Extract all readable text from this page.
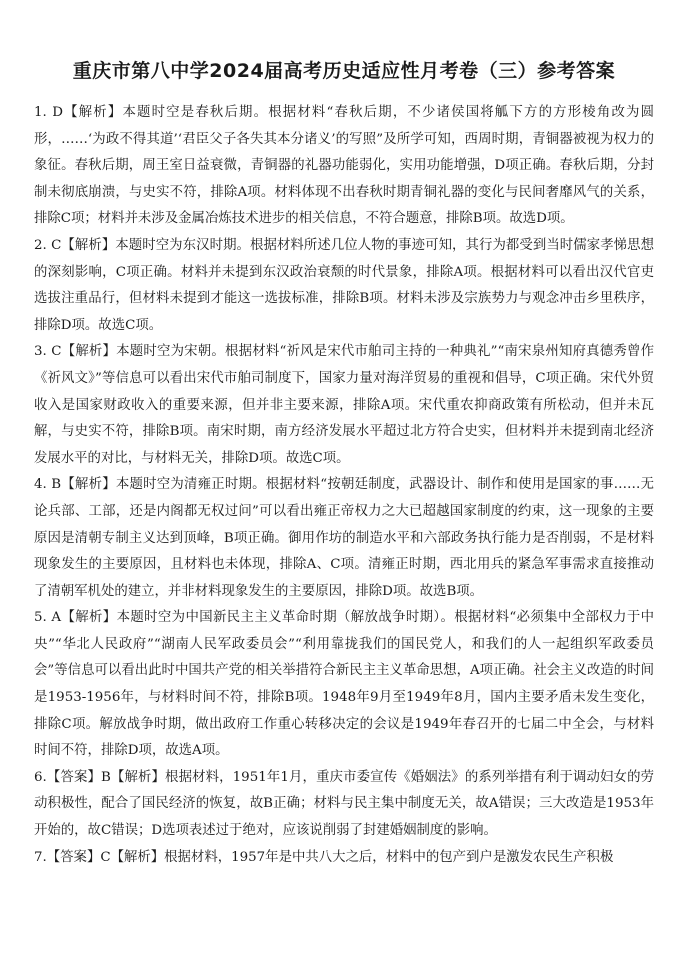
重庆市第八中学2024届高考历史适应性月考卷（三）参考答案

1. D【解析】本题时空是春秋后期。根据材料“春秋后期，不少诸侯国将觚下方的方形棱角改为圆形，……‘为政不得其道’‘君臣父子各失其本分诸义’的写照”及所学可知，西周时期，青铜器被视为权力的象征。春秋后期，周王室日益衰微，青铜器的礼器功能弱化，实用功能增强，D项正确。春秋后期，分封制未彻底崩溃，与史实不符，排除A项。材料体现不出春秋时期青铜礼器的变化与民间奢靡风气的关系，排除C项；材料并未涉及金属冶炼技术进步的相关信息，不符合题意，排除B项。故选D项。

2. C【解析】本题时空为东汉时期。根据材料所述几位人物的事迹可知，其行为都受到当时儒家孝悌思想的深刻影响，C项正确。材料并未提到东汉政治衰颓的时代景象，排除A项。根据材料可以看出汉代官吏选拔注重品行，但材料未提到才能这一选拔标准，排除B项。材料未涉及宗族势力与观念冲击乡里秩序，排除D项。故选C项。

3. C【解析】本题时空为宋朝。根据材料“祈风是宋代市舶司主持的一种典礼”“南宋泉州知府真德秀曾作《祈风文》”等信息可以看出宋代市舶司制度下，国家力量对海洋贸易的重视和倡导，C项正确。宋代外贸收入是国家财政收入的重要来源，但并非主要来源，排除A项。宋代重农抑商政策有所松动，但并未瓦解，与史实不符，排除B项。南宋时期，南方经济发展水平超过北方符合史实，但材料并未提到南北经济发展水平的对比，与材料无关，排除D项。故选C项。

4. B【解析】本题时空为清雍正时期。根据材料“按朝廷制度，武器设计、制作和使用是国家的事……无论兵部、工部，还是内阁都无权过问”可以看出雍正帝权力之大已超越国家制度的约束，这一现象的主要原因是清朝专制主义达到顶峰，B项正确。御用作坊的制造水平和六部政务执行能力是否削弱，不是材料现象发生的主要原因，且材料也未体现，排除A、C项。清雍正时期，西北用兵的紧急军事需求直接推动了清朝军机处的建立，并非材料现象发生的主要原因，排除D项。故选B项。

5. A【解析】本题时空为中国新民主主义革命时期（解放战争时期）。根据材料“必须集中全部权力于中央”“华北人民政府”“湖南人民军政委员会”“利用靠拢我们的国民党人，和我们的人一起组织军政委员会”等信息可以看出此时中国共产党的相关举措符合新民主主义革命思想，A项正确。社会主义改造的时间是1953-1956年，与材料时间不符，排除B项。1948年9月至1949年8月，国内主要矛盾未发生变化，排除C项。解放战争时期，做出政府工作重心转移决定的会议是1949年春召开的七届二中全会，与材料时间不符，排除D项，故选A项。

6.【答案】B【解析】根据材料，1951年1月，重庆市委宣传《婚姻法》的系列举措有利于调动妇女的劳动积极性，配合了国民经济的恢复，故B正确；材料与民主集中制度无关，故A错误；三大改造是1953年开始的，故C错误；D选项表述过于绝对，应该说削弱了封建婚姻制度的影响。

7.【答案】C【解析】根据材料，1957年是中共八大之后，材料中的包产到户是激发农民生产积极
